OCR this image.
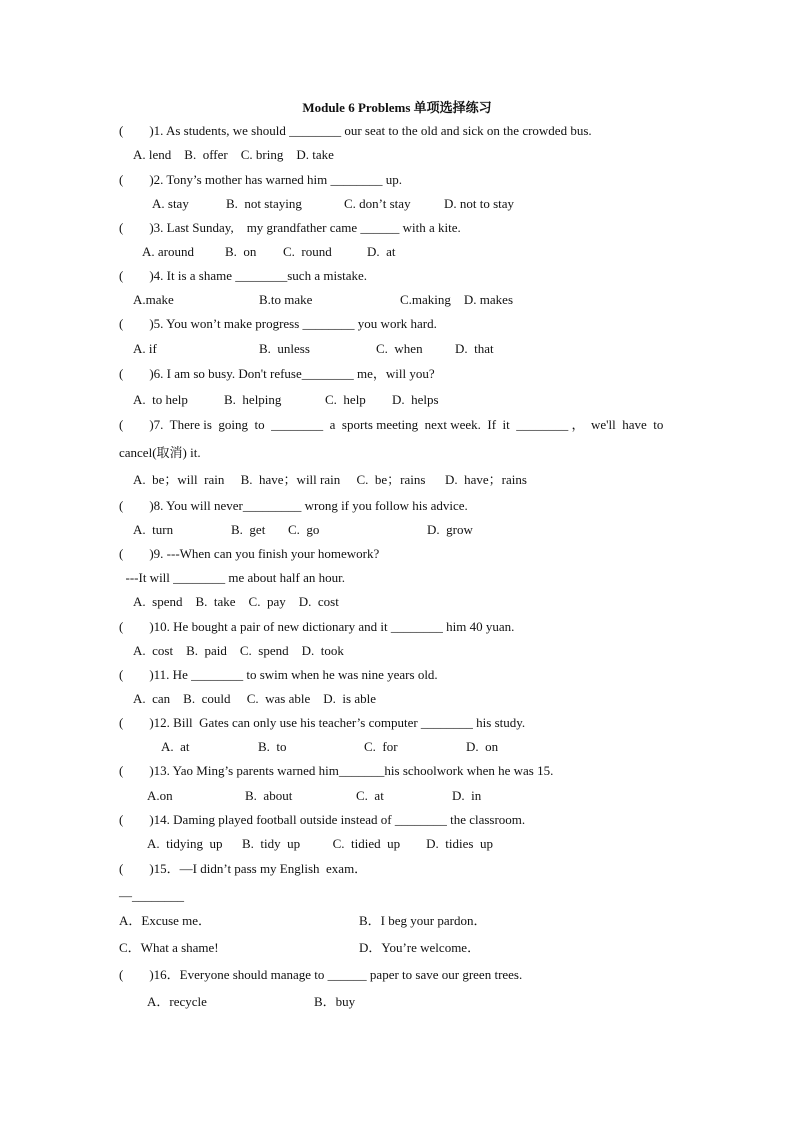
Module 6 Problems 单项选择练习
(        )1. As students, we should ________ our seat to the old and sick on the crowded bus.
(        )2. Tony’s mother has warned him ________ up.
(        )3. Last Sunday,    my grandfather came ______ with a kite.
(        )4. It is a shame ________such a mistake.
(        )5. You won’t make progress ________ you work hard.
(        )6. I am so busy. Don't refuse________ me，will you?
(        )7.  There is  going  to  ________  a  sports meeting  next week.  If  it  ________ ，  we'll  have  to
cancel(取消) it.
(        )8. You will never_________ wrong if you follow his advice.
(        )9. ---When can you finish your homework?
---It will ________ me about half an hour.
(        )10. He bought a pair of new dictionary and it ________ him 40 yuan.
(        )11. He ________ to swim when he was nine years old.
(        )12. Bill  Gates can only use his teacher’s computer ________ his study.
(        )13. Yao Ming’s parents warned him_______his schoolwork when he was 15.
(        )14. Daming played football outside instead of ________ the classroom.
(        )15．—I didn’t pass my English  exam．
—________
(        )16．Everyone should manage to ______ paper to save our green trees.
A. lend    B.  offer    C. bring    D. take
A. stay	B.  not staying	C. don’t stay	D. not to stay
A. around B.  on C.  round	D.  at
A.make	B.to make	C.making    D. makes
A. if	B.  unless	C.  when D.  that
A.  to help	B.  helping	C.  help D.  helps
A.  be；will  rain     B.  have；will rain     C.  be；rains      D.  have；rains
A.  turn	B.  get C.  go	D.  grow
A.  spend    B.  take    C.  pay    D.  cost
A.  cost    B.  paid    C.  spend    D.  took
A.  can    B.  could     C.  was able    D.  is able
A.  at	B.  to	C.  for	D.  on
A.on	B.  about	C.  at	D.  in
A.  tidying  up      B.  tidy  up          C.  tidied  up        D.  tidies  up
A．Excuse me．	B．I beg your pardon．
C．What a shame!	D．You’re welcome．
A．recycle	B．buy
